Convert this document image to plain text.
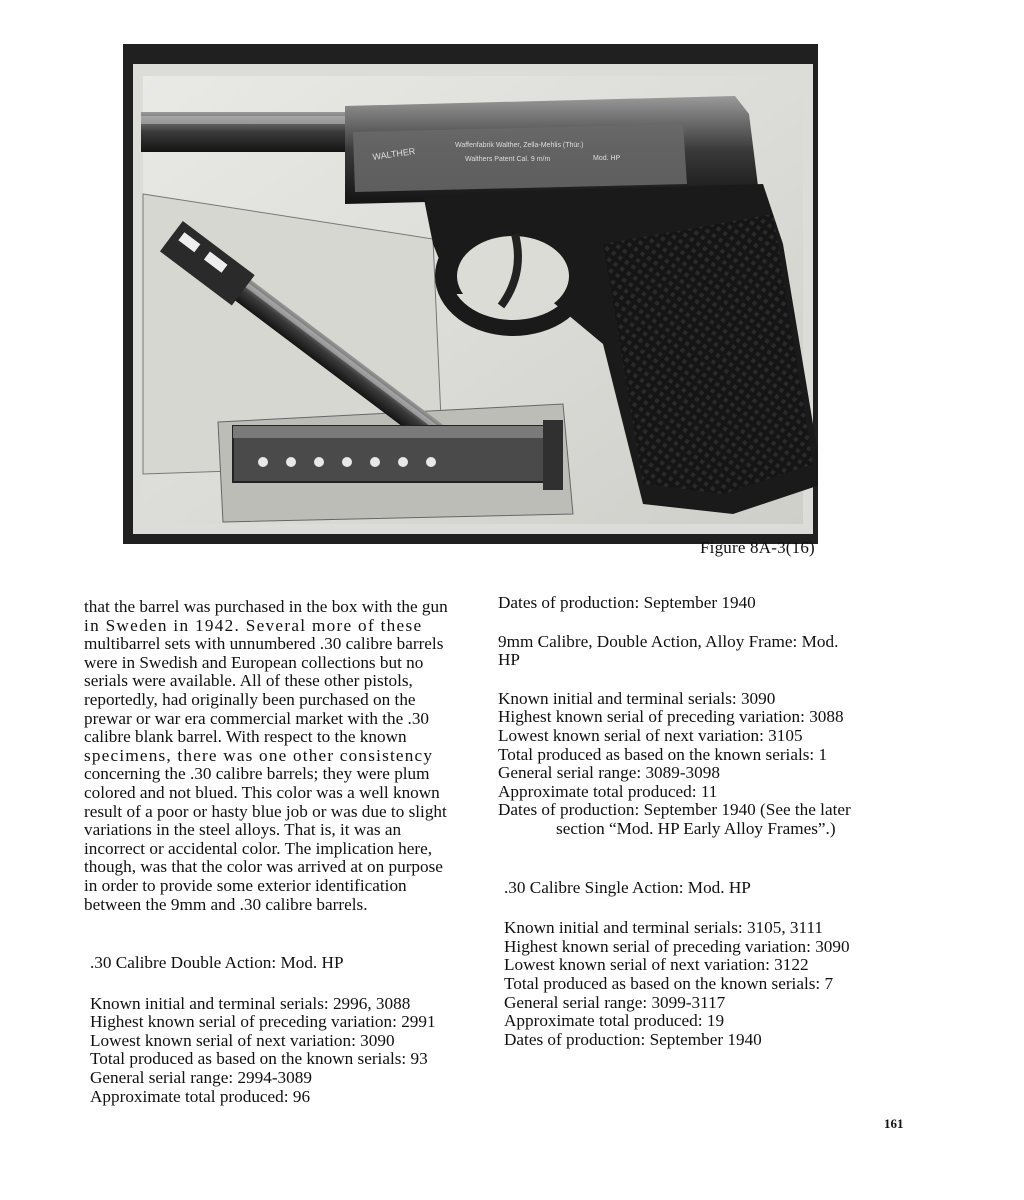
WALTHER
Waffenfabrik Walther, Zella-Mehlis (Thür.)
Walthers Patent Cal. 9 m/m	Mod. HP
Figure 8A-3(16)

that the barrel was purchased in the box with the gun
in Sweden in 1942. Several more of these
multibarrel sets with unnumbered .30 calibre barrels
were in Swedish and European collections but no
serials were available. All of these other pistols,
reportedly, had originally been purchased on the
prewar or war era commercial market with the .30
calibre blank barrel. With respect to the known
specimens, there was one other consistency
concerning the .30 calibre barrels; they were plum
colored and not blued. This color was a well known
result of a poor or hasty blue job or was due to slight
variations in the steel alloys. That is, it was an
incorrect or accidental color. The implication here,
though, was that the color was arrived at on purpose
in order to provide some exterior identification
between the 9mm and .30 calibre barrels.

.30 Calibre Double Action: Mod. HP

Known initial and terminal serials: 2996, 3088
Highest known serial of preceding variation: 2991
Lowest known serial of next variation: 3090
Total produced as based on the known serials: 93
General serial range: 2994-3089
Approximate total produced: 96

Dates of production: September 1940

9mm Calibre, Double Action, Alloy Frame: Mod.
HP

Known initial and terminal serials: 3090
Highest known serial of preceding variation: 3088
Lowest known serial of next variation: 3105
Total produced as based on the known serials: 1
General serial range: 3089-3098
Approximate total produced: 11
Dates of production: September 1940 (See the later
section “Mod. HP Early Alloy Frames”.)

.30 Calibre Single Action: Mod. HP

Known initial and terminal serials: 3105, 3111
Highest known serial of preceding variation: 3090
Lowest known serial of next variation: 3122
Total produced as based on the known serials: 7
General serial range: 3099-3117
Approximate total produced: 19
Dates of production: September 1940

161
